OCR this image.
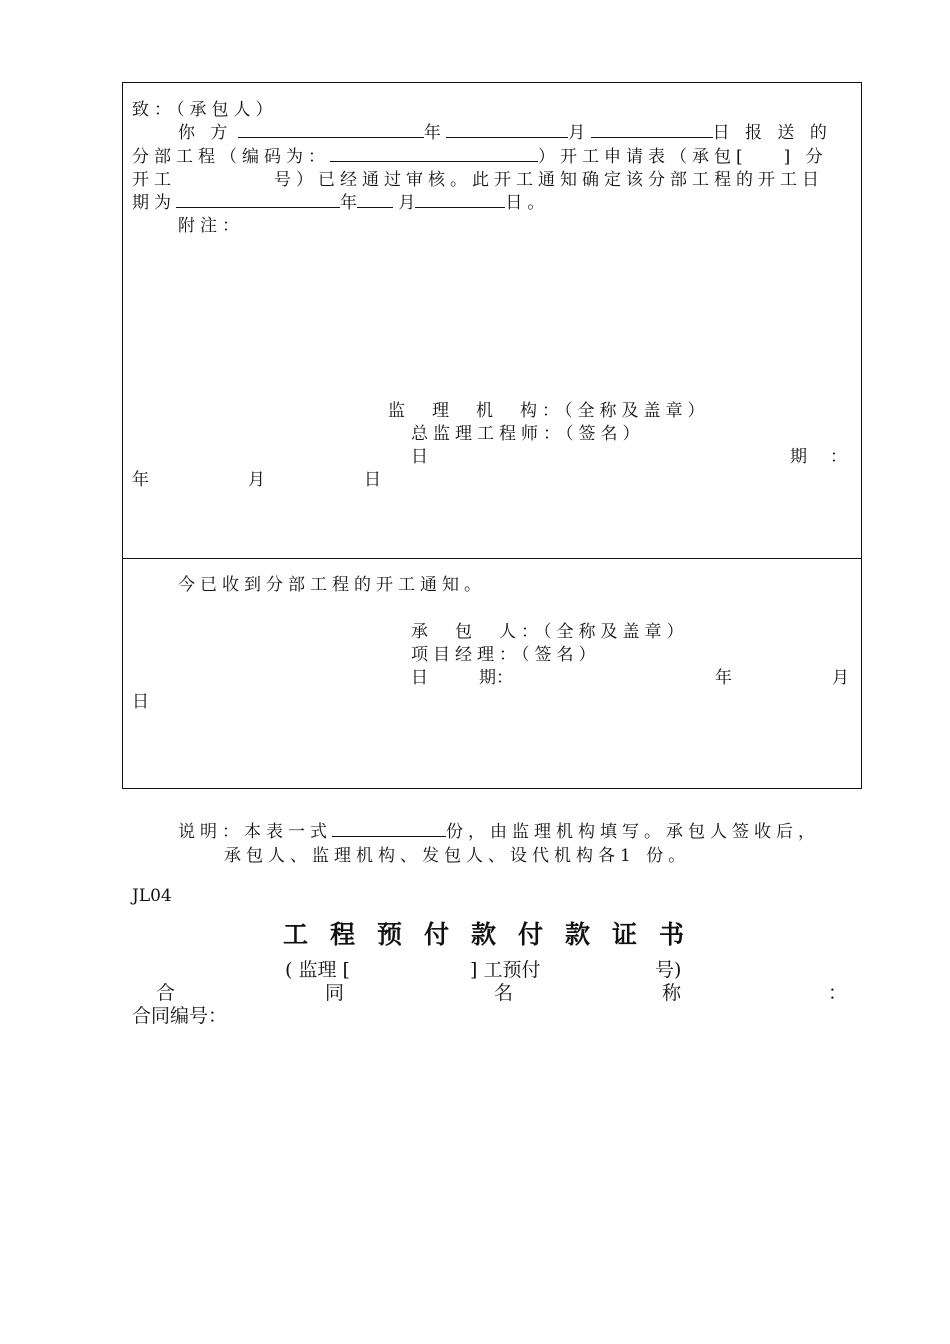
致：（承包人）
你 方	年	月	日 报 送 的
分部工程（编码为：	）开工申请表（承包[ ] 分
开工	号）已经通过审核。此开工通知确定该分部工程的开工日
期为	年 月	日。
附注：
监　理　机　构：（全称及盖章）
总监理工程师：（签名）
日	期 ：
年	月	日
今已收到分部工程的开工通知。
承　包　人：（全称及盖章）
项目经理：（签名）
日　　　期：	年	月
日
说明：本表一式	份，由监理机构填写。承包人签收后，
承包人、监理机构、发包人、设代机构各1 份。
JL04
工程预付款付款证书
( 监理 [	] 工预付	号)
合	同	名	称	：
合同编号：
